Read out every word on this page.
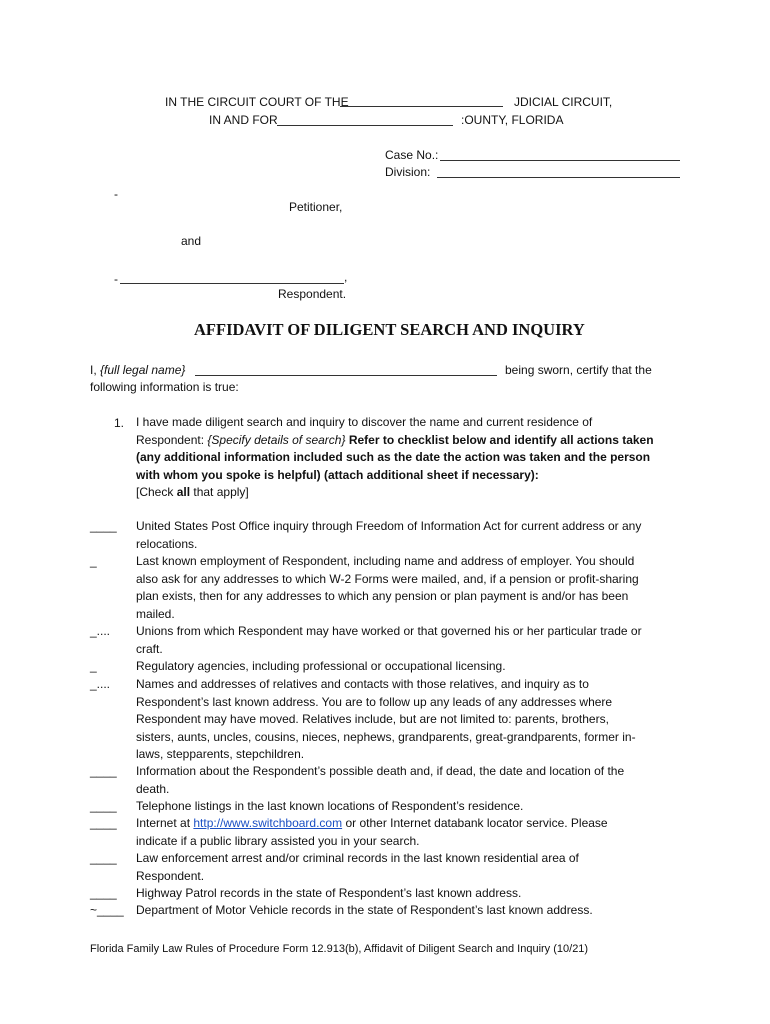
IN THE CIRCUIT COURT OF THE	JDICIAL CIRCUIT,
IN AND FOR	:OUNTY, FLORIDA
Case No.:
Division:
-
Petitioner,
and
-	,
Respondent.
AFFIDAVIT OF DILIGENT SEARCH AND INQUIRY
I, {full legal name}	being sworn, certify that the
following information is true:
1. I have made diligent search and inquiry to discover the name and current residence of
Respondent: {Specify details of search} Refer to checklist below and identify all actions taken
(any additional information included such as the date the action was taken and the person
with whom you spoke is helpful) (attach additional sheet if necessary):
[Check all that apply]
____ United States Post Office inquiry through Freedom of Information Act for current address or any
relocations.
_	Last known employment of Respondent, including name and address of employer. You should
also ask for any addresses to which W-2 Forms were mailed, and, if a pension or profit-sharing
plan exists, then for any addresses to which any pension or plan payment is and/or has been
mailed.
_.... Unions from which Respondent may have worked or that governed his or her particular trade or
craft.
_	Regulatory agencies, including professional or occupational licensing.
_.... Names and addresses of relatives and contacts with those relatives, and inquiry as to
Respondent’s last known address. You are to follow up any leads of any addresses where
Respondent may have moved. Relatives include, but are not limited to: parents, brothers,
sisters, aunts, uncles, cousins, nieces, nephews, grandparents, great-grandparents, former in-
laws, stepparents, stepchildren.
____ Information about the Respondent’s possible death and, if dead, the date and location of the
death.
____ Telephone listings in the last known locations of Respondent’s residence.
____ Internet at http://www.switchboard.com or other Internet databank locator service. Please
indicate if a public library assisted you in your search.
____ Law enforcement arrest and/or criminal records in the last known residential area of
Respondent.
____ Highway Patrol records in the state of Respondent’s last known address.
~____ Department of Motor Vehicle records in the state of Respondent’s last known address.
Florida Family Law Rules of Procedure Form 12.913(b), Affidavit of Diligent Search and Inquiry (10/21)
